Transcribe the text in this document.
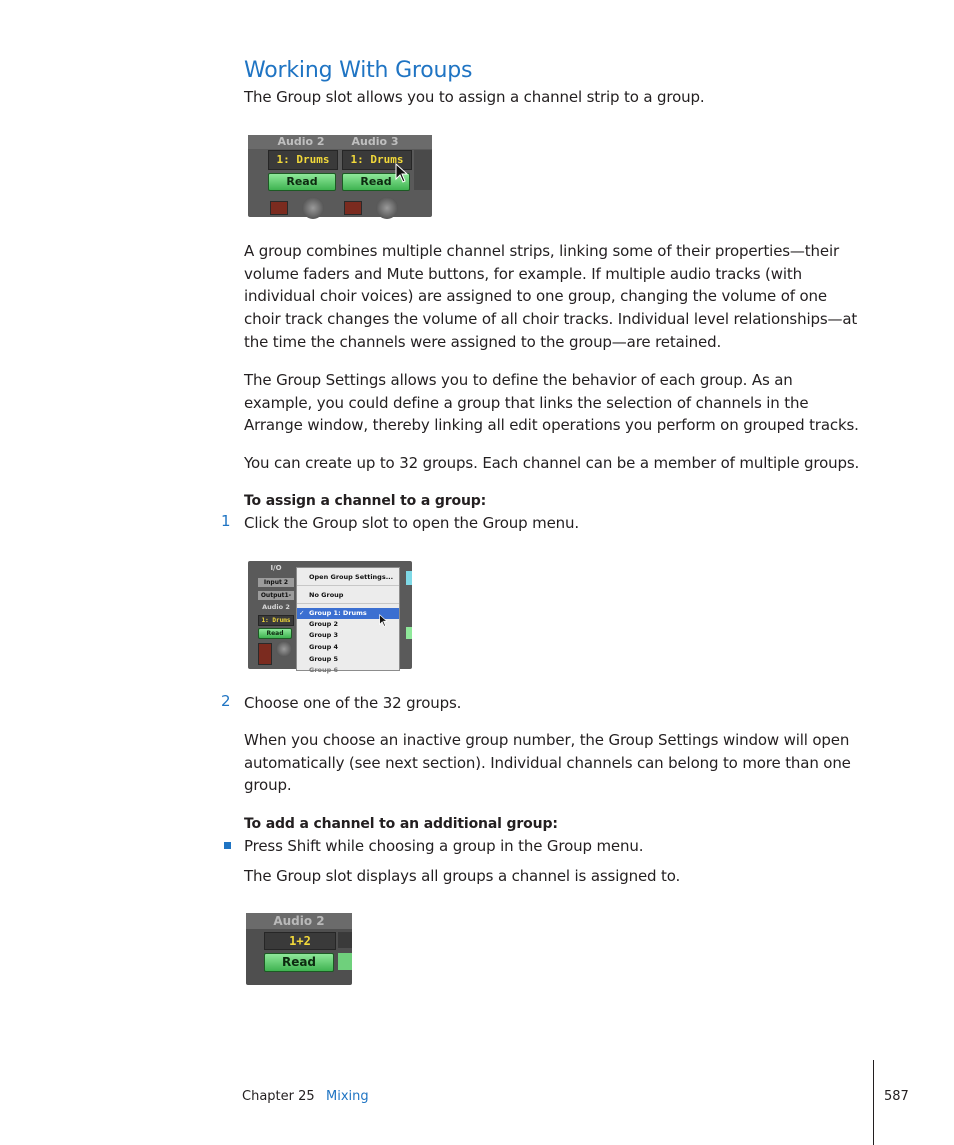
Working With Groups
The Group slot allows you to assign a channel strip to a group.
Audio 2	Audio 3
1: Drums	1: Drums
Read	Read
A group combines multiple channel strips, linking some of their properties—their volume faders and Mute buttons, for example. If multiple audio tracks (with individual choir voices) are assigned to one group, changing the volume of one choir track changes the volume of all choir tracks. Individual level relationships—at the time the channels were assigned to the group—are retained.
The Group Settings allows you to define the behavior of each group. As an example, you could define a group that links the selection of channels in the Arrange window, thereby linking all edit operations you perform on grouped tracks.
You can create up to 32 groups. Each channel can be a member of multiple groups.
To assign a channel to a group:
1 Click the Group slot to open the Group menu.
I/O
Input 2
Output1-
Audio 2
1: Drums
Read
Open Group Settings...
No Group
✓ Group 1: Drums
Group 2
Group 3
Group 4
Group 5
Group 6
2 Choose one of the 32 groups.
When you choose an inactive group number, the Group Settings window will open automatically (see next section). Individual channels can belong to more than one group.
To add a channel to an additional group:
Press Shift while choosing a group in the Group menu.
The Group slot displays all groups a channel is assigned to.
Audio 2
1+2
Read
Chapter 25 Mixing	587
